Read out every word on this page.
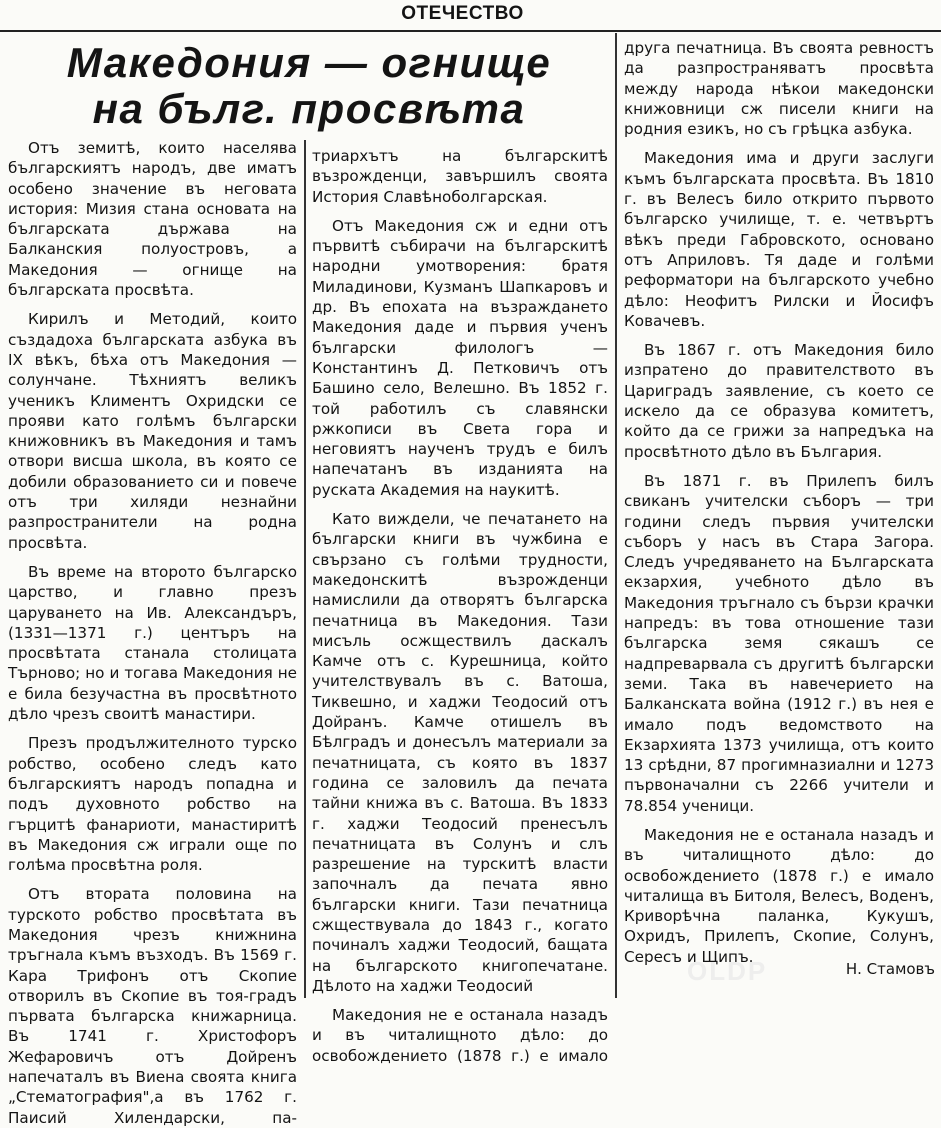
ОТЕЧЕСТВО
Македония — огнище
на бълг. просвѣта

Отъ земитѣ, които населява българскиятъ народъ, две иматъ особено значение въ неговата история: Мизия стана основата на българската държава на Балканския полуостровъ, а Македония — огнище на българската просвѣта.

Кирилъ и Методий, които създадоха българската азбука въ IX вѣкъ, бѣха отъ Македония — солунчане. Тѣхниятъ великъ ученикъ Климентъ Охридски се прояви като голѣмъ български книжовникъ въ Македония и тамъ отвори висша школа, въ която се добили образованието си и повече отъ три хиляди незнайни разпространители на родна просвѣта.

Въ време на второто българско царство, и главно презъ царуването на Ив. Александъръ, (1331—1371 г.) центъръ на просвѣтата станала столицата Търново; но и тогава Македония не е била безучастна въ просвѣтното дѣло чрезъ своитѣ манастири.

Презъ продължителното турско робство, особено следъ като българскиятъ народъ попадна и подъ духовното робство на гърцитѣ фанариоти, манастиритѣ въ Македония сж играли още по голѣма просвѣтна роля.

Отъ втората половина на турското робство просвѣтата въ Македония чрезъ книжнина тръгнала къмъ възходъ. Въ 1569 г. Кара Трифонъ отъ Скопие отворилъ въ Скопие въ тоя-градъ първата българска книжарница. Въ 1741 г. Христофоръ Жефаровичъ отъ Дойренъ напечаталъ въ Виена своята книга „Стематография",а въ 1762 г. Паисий Хилендарски, па-

триархътъ на българскитѣ възрожденци, завършилъ своята История Славѣноболгарская.

Отъ Македония сж и едни отъ първитѣ събирачи на българскитѣ народни умотворения: братя Миладинови, Кузманъ Шапкаровъ и др. Въ епохата на възраждането Македония даде и първия ученъ български филологъ — Константинъ Д. Петковичъ отъ Башино село, Велешно. Въ 1852 г. той работилъ съ славянски ржкописи въ Света гора и неговиятъ наученъ трудъ е билъ напечатанъ въ изданията на руската Академия на наукитѣ.

Като виждели, че печатането на български книги въ чужбина е свързано съ голѣми трудности, македонскитѣ възрожденци намислили да отворятъ българска печатница въ Македония. Тази мисъль осжществилъ даскалъ Камче отъ с. Курешница, който учителствувалъ въ с. Ватоша, Тиквешно, и хаджи Теодосий отъ Дойранъ. Камче отишелъ въ Бѣлградъ и донесълъ материали за печатницата, съ която въ 1837 година се заловилъ да печата тайни книжа въ с. Ватоша. Въ 1833 г. хаджи Теодосий пренесълъ печатницата въ Солунъ и слъ разрешение на турскитѣ власти започналъ да печата явно български книги. Тази печатница сжществувала до 1843 г., когато починалъ хаджи Теодосий, бащата на българското книгопечатане. Дѣлото на хаджи Теодосий

Македония не е останала назадъ и въ читалищното дѣло: до освобождението (1878 г.) е имало

друга печатница. Въ своята ревностъ да разпространяватъ просвѣта между народа нѣкои македонски книжовници сж писели книги на родния езикъ, но съ грѣцка азбука.

Македония има и други заслуги къмъ българската просвѣта. Въ 1810 г. въ Велесъ било открито първото българско училище, т. е. четвъртъ вѣкъ преди Габровското, основано отъ Априловъ. Тя даде и голѣми реформатори на българското учебно дѣло: Неофитъ Рилски и Йосифъ Ковачевъ.

Въ 1867 г. отъ Македония било изпратено до правителството въ Цариградъ заявление, съ което се искело да се образува комитетъ, който да се грижи за напредъка на просвѣтното дѣло въ България.

Въ 1871 г. въ Прилепъ билъ свиканъ учителски съборъ — три години следъ първия учителски съборъ у насъ въ Стара Загора. Следъ учредяването на Българската екзархия, учебното дѣло въ Македония тръгнало съ бързи крачки напредъ: въ това отношение тази българска земя сякашъ се надпреварвала съ другитѣ български земи. Така въ навечерието на Балканската война (1912 г.) въ нея е имало подъ ведомството на Екзархията 1373 училища, отъ които 13 срѣдни, 87 прогимназиални и 1273 първоначални съ 2266 учители и 78.854 ученици.

Македония не е останала назадъ и въ читалищното дѣло: до освобождението (1878 г.) е имало читалища въ Битоля, Велесъ, Воденъ, Криворѣчна паланка, Кукушъ, Охридъ, Прилепъ, Скопие, Солунъ, Сересъ и Щипъ.

OLDP	Н. Стамовъ
